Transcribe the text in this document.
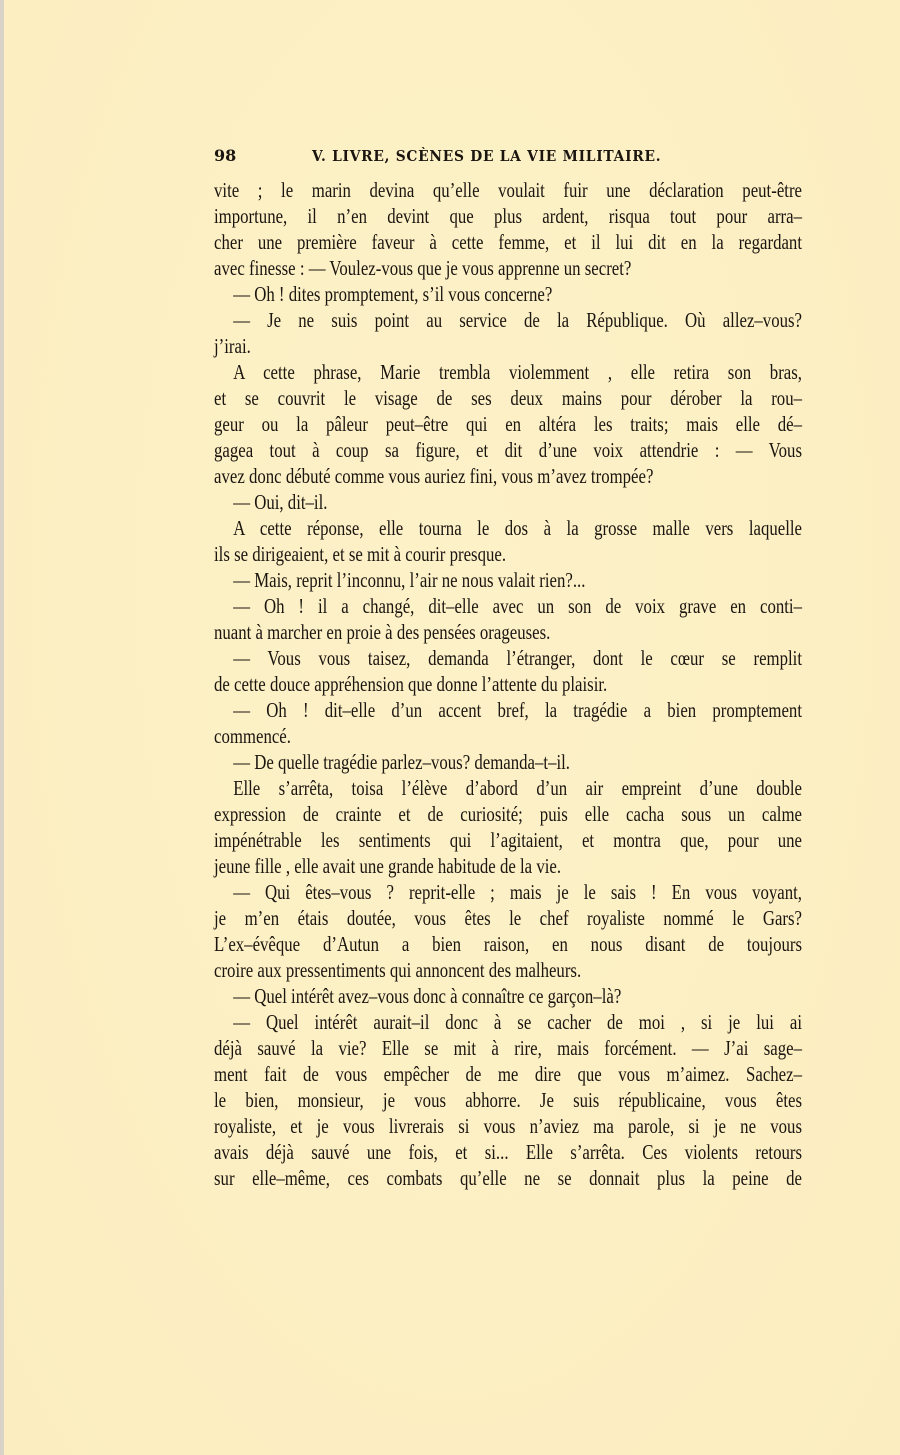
98	V. LIVRE, SCÈNES DE LA VIE MILITAIRE.
vite ; le marin devina qu’elle voulait fuir une déclaration peut-être
importune, il n’en devint que plus ardent, risqua tout pour arra–
cher une première faveur à cette femme, et il lui dit en la regardant
avec finesse : — Voulez-vous que je vous apprenne un secret?
— Oh ! dites promptement, s’il vous concerne?
— Je ne suis point au service de la République. Où allez–vous?
j’irai.
A cette phrase, Marie trembla violemment , elle retira son bras,
et se couvrit le visage de ses deux mains pour dérober la rou–
geur ou la pâleur peut–être qui en altéra les traits; mais elle dé–
gagea tout à coup sa figure, et dit d’une voix attendrie : — Vous
avez donc débuté comme vous auriez fini, vous m’avez trompée?
— Oui, dit–il.
A cette réponse, elle tourna le dos à la grosse malle vers laquelle
ils se dirigeaient, et se mit à courir presque.
— Mais, reprit l’inconnu, l’air ne nous valait rien?...
— Oh ! il a changé, dit–elle avec un son de voix grave en conti–
nuant à marcher en proie à des pensées orageuses.
— Vous vous taisez, demanda l’étranger, dont le cœur se remplit
de cette douce appréhension que donne l’attente du plaisir.
— Oh ! dit–elle d’un accent bref, la tragédie a bien promptement
commencé.
— De quelle tragédie parlez–vous? demanda–t–il.
Elle s’arrêta, toisa l’élève d’abord d’un air empreint d’une double
expression de crainte et de curiosité; puis elle cacha sous un calme
impénétrable les sentiments qui l’agitaient, et montra que, pour une
jeune fille , elle avait une grande habitude de la vie.
— Qui êtes–vous ? reprit-elle ; mais je le sais ! En vous voyant,
je m’en étais doutée, vous êtes le chef royaliste nommé le Gars?
L’ex–évêque d’Autun a bien raison, en nous disant de toujours
croire aux pressentiments qui annoncent des malheurs.
— Quel intérêt avez–vous donc à connaître ce garçon–là?
— Quel intérêt aurait–il donc à se cacher de moi , si je lui ai
déjà sauvé la vie? Elle se mit à rire, mais forcément. — J’ai sage–
ment fait de vous empêcher de me dire que vous m’aimez. Sachez–
le bien, monsieur, je vous abhorre. Je suis républicaine, vous êtes
royaliste, et je vous livrerais si vous n’aviez ma parole, si je ne vous
avais déjà sauvé une fois, et si... Elle s’arrêta. Ces violents retours
sur elle–même, ces combats qu’elle ne se donnait plus la peine de
